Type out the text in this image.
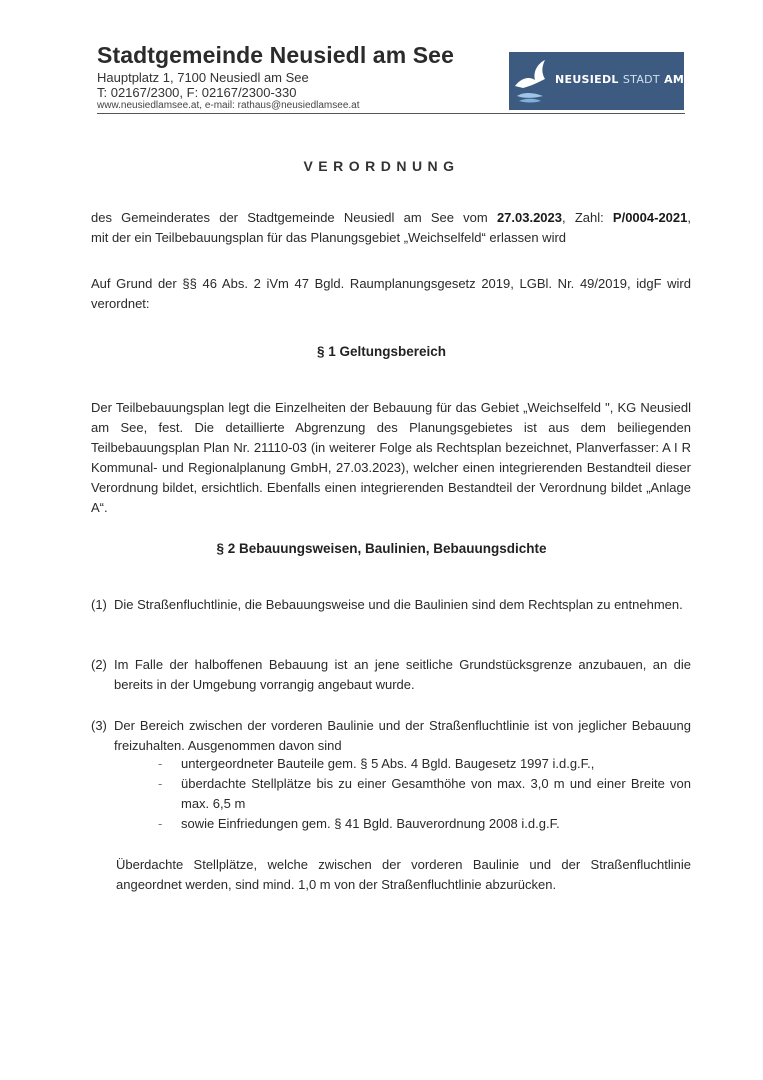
Stadtgemeinde Neusiedl am See
Hauptplatz 1, 7100 Neusiedl am See
T: 02167/2300, F: 02167/2300-330
www.neusiedlamsee.at, e-mail: rathaus@neusiedlamsee.at
NEUSIEDL STADT AM SEE
VERORDNUNG
des Gemeinderates der Stadtgemeinde Neusiedl am See vom 27.03.2023, Zahl: P/0004-2021,
mit der ein Teilbebauungsplan für das Planungsgebiet „Weichselfeld“ erlassen wird
Auf Grund der §§ 46 Abs. 2 iVm 47 Bgld. Raumplanungsgesetz 2019, LGBl. Nr. 49/2019, idgF wird verordnet:
§ 1 Geltungsbereich
Der Teilbebauungsplan legt die Einzelheiten der Bebauung für das Gebiet „Weichselfeld ", KG Neusiedl am See, fest. Die detaillierte Abgrenzung des Planungsgebietes ist aus dem beiliegenden Teilbebauungsplan Plan Nr. 21110-03 (in weiterer Folge als Rechtsplan bezeichnet, Planverfasser: A I R Kommunal- und Regionalplanung GmbH, 27.03.2023), welcher einen integrierenden Bestandteil dieser Verordnung bildet, ersichtlich. Ebenfalls einen integrierenden Bestandteil der Verordnung bildet „Anlage A“.
§ 2 Bebauungsweisen, Baulinien, Bebauungsdichte
(1) Die Straßenfluchtlinie, die Bebauungsweise und die Baulinien sind dem Rechtsplan zu entnehmen.
(2) Im Falle der halboffenen Bebauung ist an jene seitliche Grundstücksgrenze anzubauen, an die bereits in der Umgebung vorrangig angebaut wurde.
(3) Der Bereich zwischen der vorderen Baulinie und der Straßenfluchtlinie ist von jeglicher Bebauung freizuhalten. Ausgenommen davon sind
- untergeordneter Bauteile gem. § 5 Abs. 4 Bgld. Baugesetz 1997 i.d.g.F.,
- überdachte Stellplätze bis zu einer Gesamthöhe von max. 3,0 m und einer Breite von max. 6,5 m
- sowie Einfriedungen gem. § 41 Bgld. Bauverordnung 2008 i.d.g.F.
Überdachte Stellplätze, welche zwischen der vorderen Baulinie und der Straßenfluchtlinie angeordnet werden, sind mind. 1,0 m von der Straßenfluchtlinie abzurücken.
